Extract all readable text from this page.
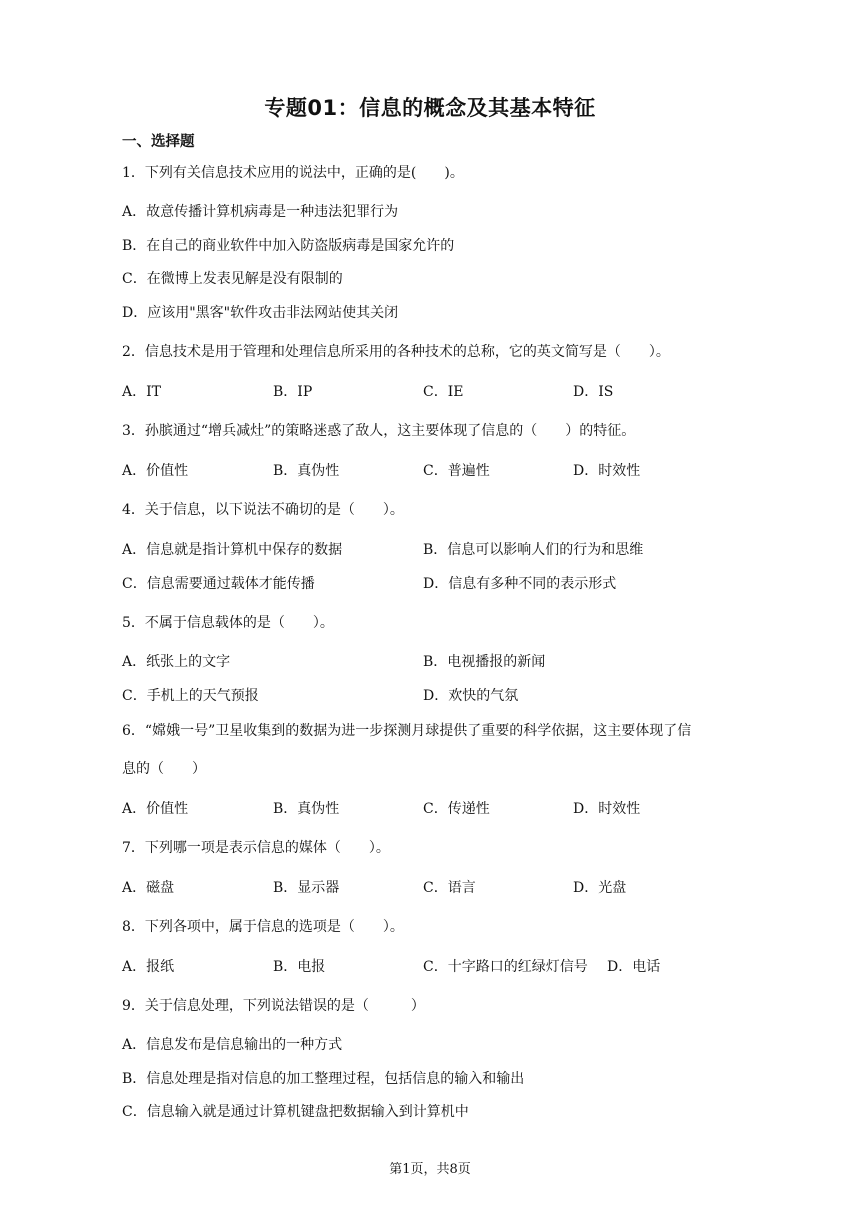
专题01：信息的概念及其基本特征
一、选择题
1．下列有关信息技术应用的说法中，正确的是(　　)。
A．故意传播计算机病毒是一种违法犯罪行为
B．在自己的商业软件中加入防盗版病毒是国家允许的
C．在微博上发表见解是没有限制的
D．应该用"黑客"软件攻击非法网站使其关闭
2．信息技术是用于管理和处理信息所采用的各种技术的总称，它的英文简写是（　　）。
A．IT	B．IP	C．IE	D．IS
3．孙膑通过“增兵减灶”的策略迷惑了敌人，这主要体现了信息的（　　）的特征。
A．价值性	B．真伪性	C．普遍性	D．时效性
4．关于信息，以下说法不确切的是（　　）。
A．信息就是指计算机中保存的数据	B．信息可以影响人们的行为和思维
C．信息需要通过载体才能传播	D．信息有多种不同的表示形式
5．不属于信息载体的是（　　）。
A．纸张上的文字	B．电视播报的新闻
C．手机上的天气预报	D．欢快的气氛
6．“嫦娥一号”卫星收集到的数据为进一步探测月球提供了重要的科学依据，这主要体现了信
息的（　　）
A．价值性	B．真伪性	C．传递性	D．时效性
7．下列哪一项是表示信息的媒体（　　）。
A．磁盘	B．显示器	C．语言	D．光盘
8．下列各项中，属于信息的选项是（　　）。
A．报纸	B．电报	C．十字路口的红绿灯信号 D．电话
9．关于信息处理，下列说法错误的是（　　　）
A．信息发布是信息输出的一种方式
B．信息处理是指对信息的加工整理过程，包括信息的输入和输出
C．信息输入就是通过计算机键盘把数据输入到计算机中
第1页，共8页
